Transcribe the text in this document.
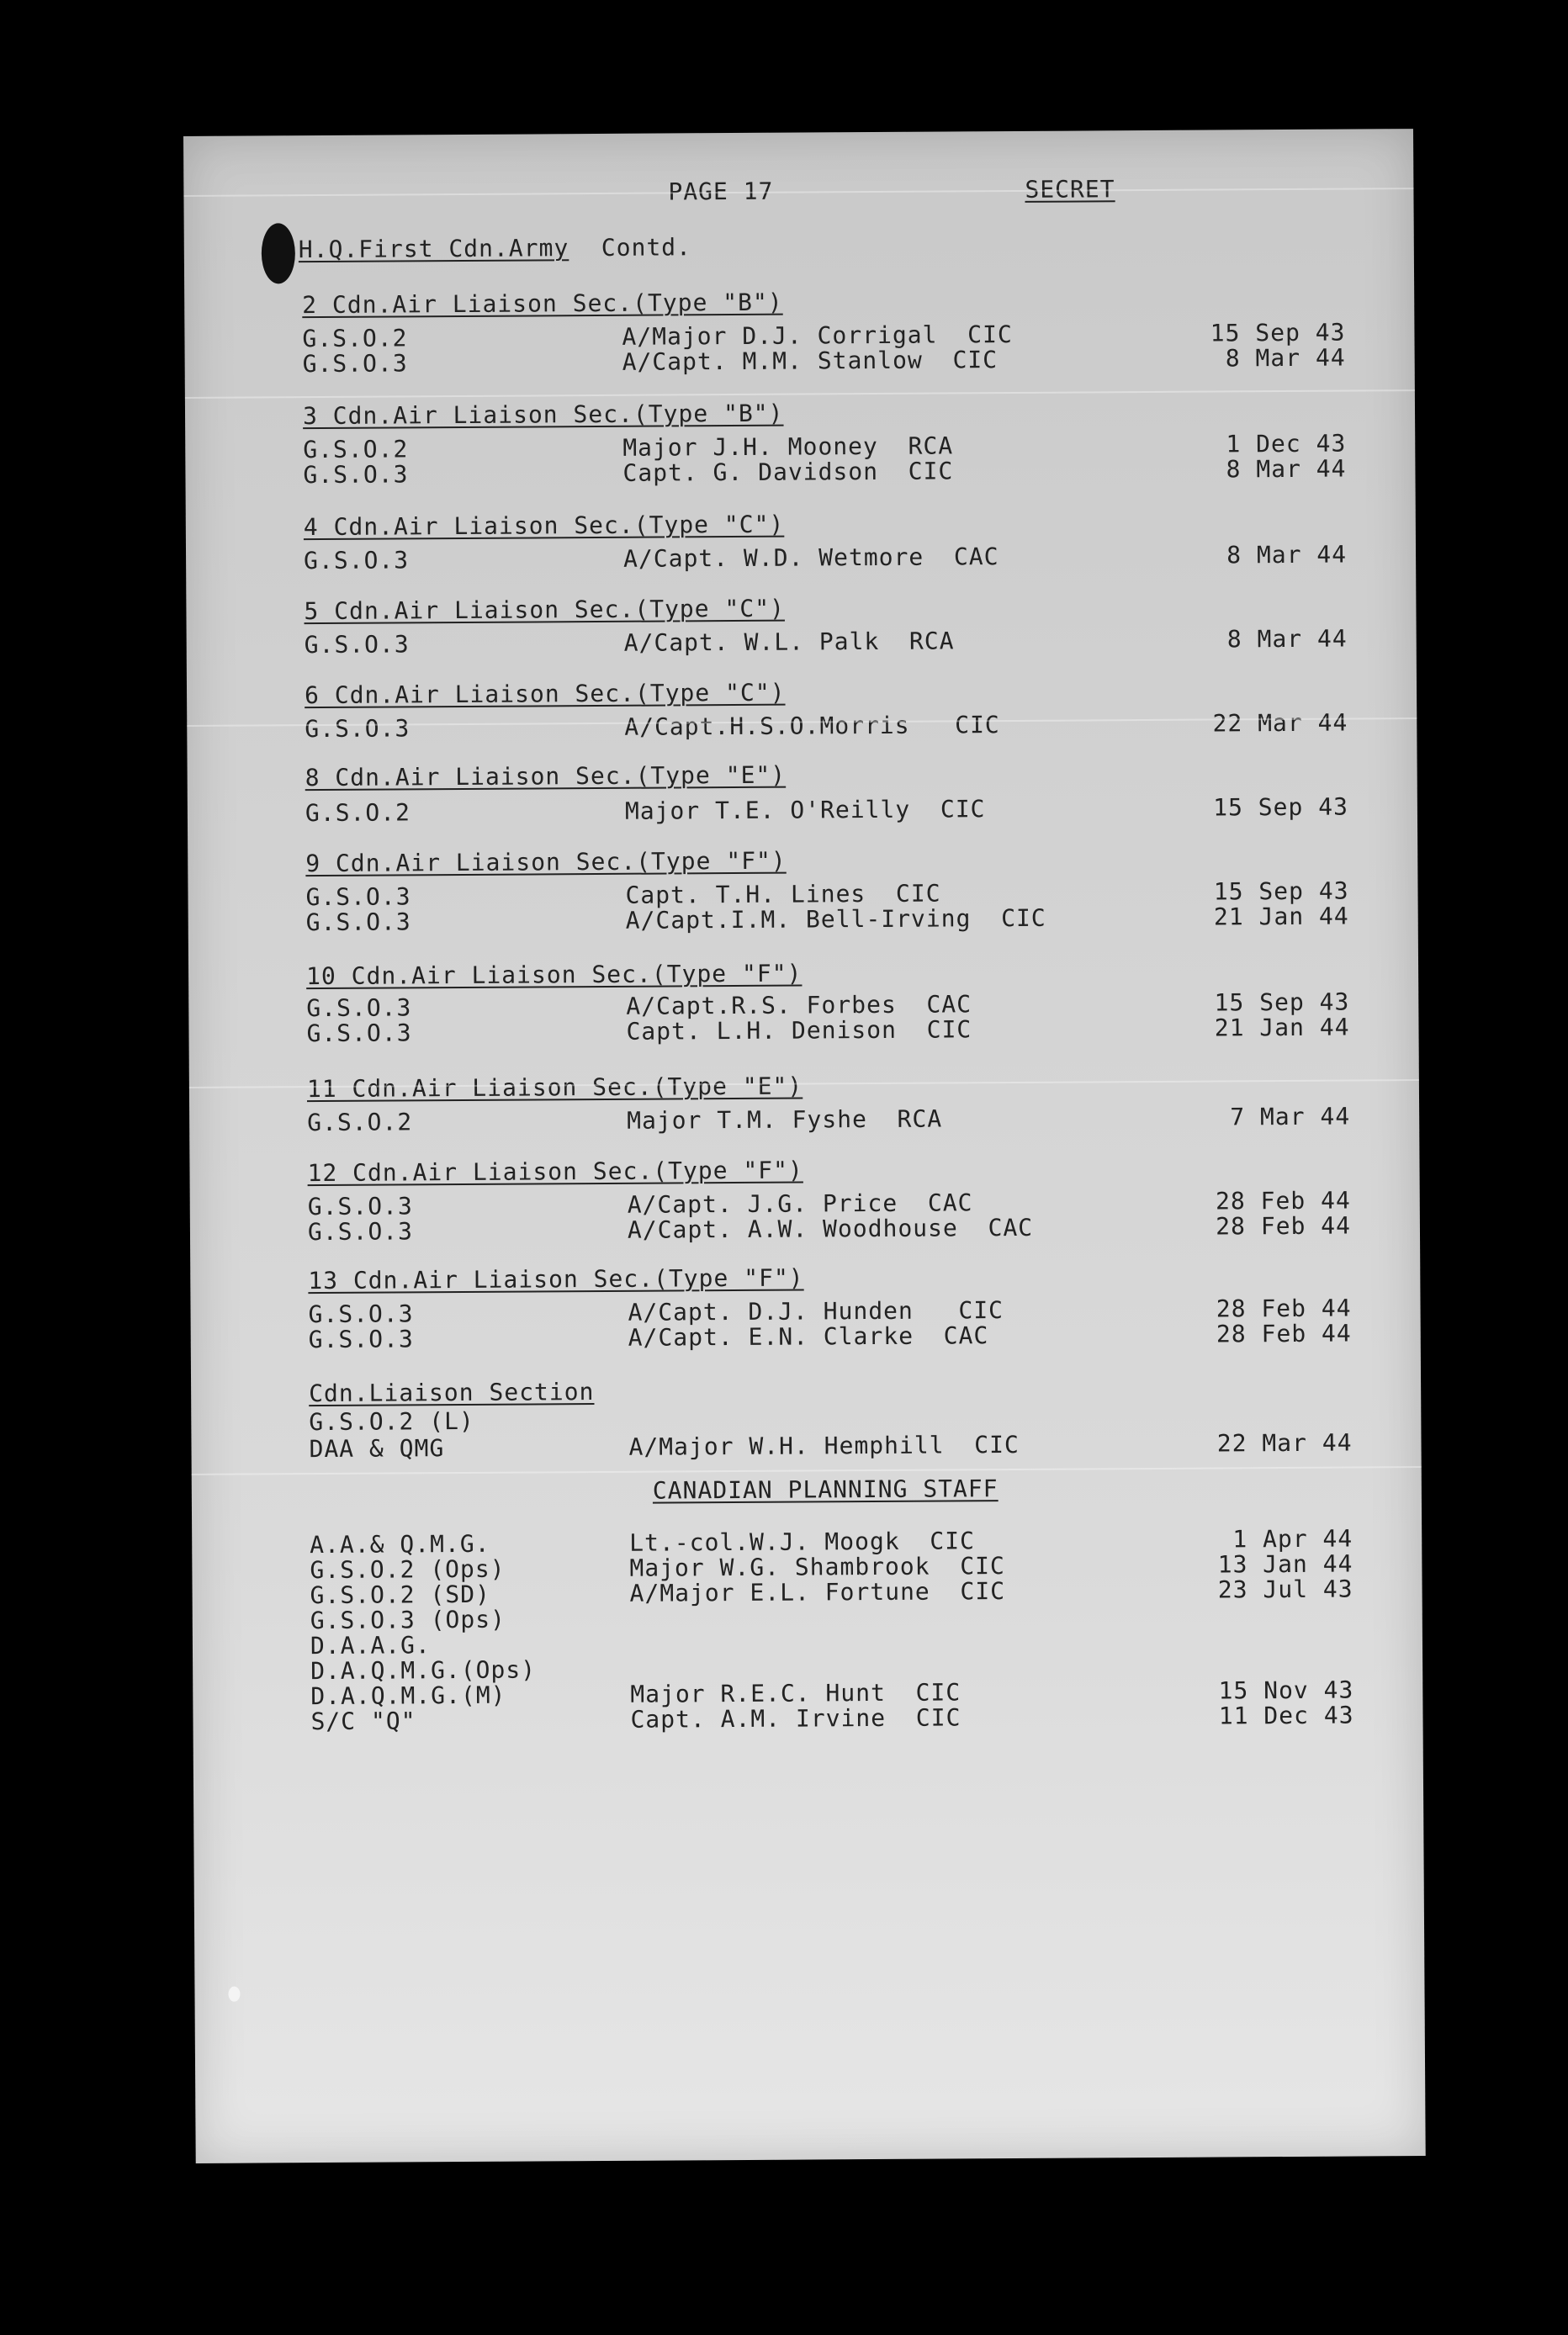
PAGE 17	SECRET
H.Q.First Cdn.Army Contd.
2 Cdn.Air Liaison Sec.(Type "B")
G.S.O.2	A/Major D.J. Corrigal  CIC	15 Sep 43
G.S.O.3	A/Capt. M.M. Stanlow  CIC	8 Mar 44
3 Cdn.Air Liaison Sec.(Type "B")
G.S.O.2	Major J.H. Mooney  RCA	1 Dec 43
G.S.O.3	Capt. G. Davidson  CIC	8 Mar 44
4 Cdn.Air Liaison Sec.(Type "C")
G.S.O.3	A/Capt. W.D. Wetmore  CAC	8 Mar 44
5 Cdn.Air Liaison Sec.(Type "C")
G.S.O.3	A/Capt. W.L. Palk  RCA	8 Mar 44
6 Cdn.Air Liaison Sec.(Type "C")
G.S.O.3	A/Capt.H.S.O.Morris   CIC	22 Mar 44
8 Cdn.Air Liaison Sec.(Type "E")
G.S.O.2	Major T.E. O'Reilly  CIC	15 Sep 43
9 Cdn.Air Liaison Sec.(Type "F")
G.S.O.3	Capt. T.H. Lines  CIC	15 Sep 43
G.S.O.3	A/Capt.I.M. Bell-Irving  CIC	21 Jan 44
10 Cdn.Air Liaison Sec.(Type "F")
G.S.O.3	A/Capt.R.S. Forbes  CAC	15 Sep 43
G.S.O.3	Capt. L.H. Denison  CIC	21 Jan 44
11 Cdn.Air Liaison Sec.(Type "E")
G.S.O.2	Major T.M. Fyshe  RCA	7 Mar 44
12 Cdn.Air Liaison Sec.(Type "F")
G.S.O.3	A/Capt. J.G. Price  CAC	28 Feb 44
G.S.O.3	A/Capt. A.W. Woodhouse  CAC	28 Feb 44
13 Cdn.Air Liaison Sec.(Type "F")
G.S.O.3	A/Capt. D.J. Hunden   CIC	28 Feb 44
G.S.O.3	A/Capt. E.N. Clarke  CAC	28 Feb 44
Cdn.Liaison Section
G.S.O.2 (L)
DAA & QMG	A/Major W.H. Hemphill  CIC	22 Mar 44
CANADIAN PLANNING STAFF
A.A.& Q.M.G.	Lt.-col.W.J. Moogk  CIC	1 Apr 44
G.S.O.2 (Ops)	Major W.G. Shambrook  CIC	13 Jan 44
G.S.O.2 (SD)	A/Major E.L. Fortune  CIC	23 Jul 43
G.S.O.3 (Ops)
D.A.A.G.
D.A.Q.M.G.(Ops)
D.A.Q.M.G.(M)	Major R.E.C. Hunt  CIC	15 Nov 43
S/C "Q"	Capt. A.M. Irvine  CIC	11 Dec 43
